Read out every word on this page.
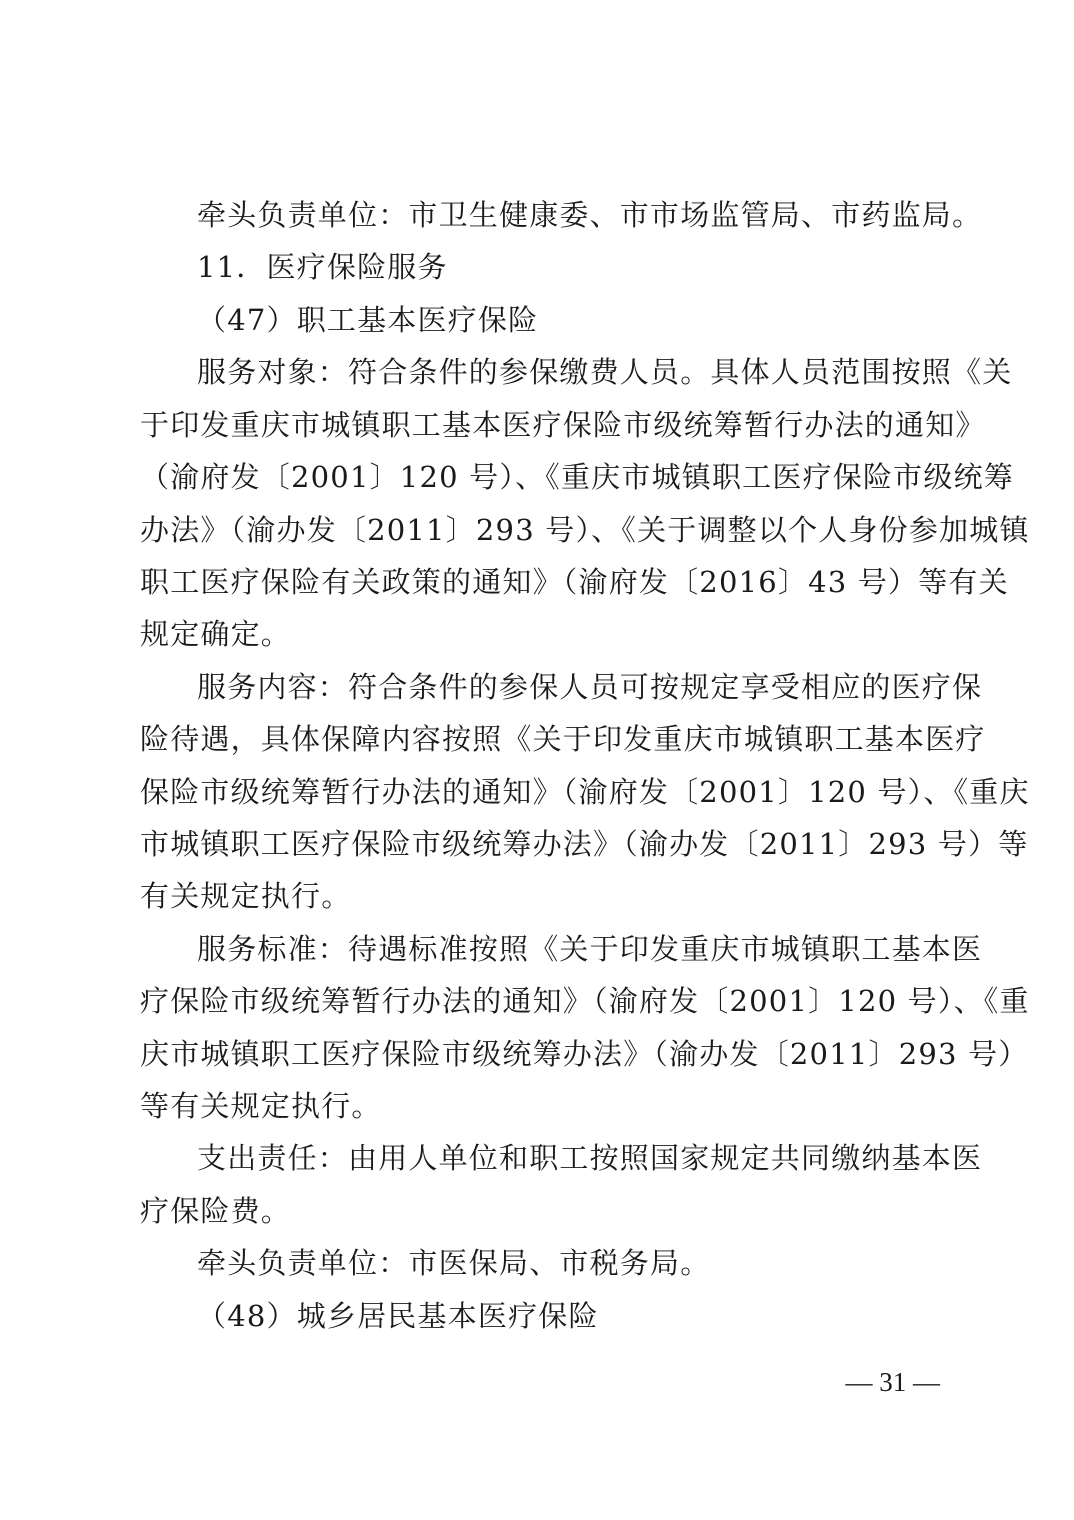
牵头负责单位：市卫生健康委、市市场监管局、市药监局。
11．医疗保险服务
（47）职工基本医疗保险
服务对象：符合条件的参保缴费人员。具体人员范围按照《关
于印发重庆市城镇职工基本医疗保险市级统筹暂行办法的通知》
（渝府发〔2001〕120 号）、《重庆市城镇职工医疗保险市级统筹
办法》（渝办发〔2011〕293 号）、《关于调整以个人身份参加城镇
职工医疗保险有关政策的通知》（渝府发〔2016〕43 号）等有关
规定确定。
服务内容：符合条件的参保人员可按规定享受相应的医疗保
险待遇，具体保障内容按照《关于印发重庆市城镇职工基本医疗
保险市级统筹暂行办法的通知》（渝府发〔2001〕120 号）、《重庆
市城镇职工医疗保险市级统筹办法》（渝办发〔2011〕293 号）等
有关规定执行。
服务标准：待遇标准按照《关于印发重庆市城镇职工基本医
疗保险市级统筹暂行办法的通知》（渝府发〔2001〕120 号）、《重
庆市城镇职工医疗保险市级统筹办法》（渝办发〔2011〕293 号）
等有关规定执行。
支出责任：由用人单位和职工按照国家规定共同缴纳基本医
疗保险费。
牵头负责单位：市医保局、市税务局。
（48）城乡居民基本医疗保险
— 31 —
